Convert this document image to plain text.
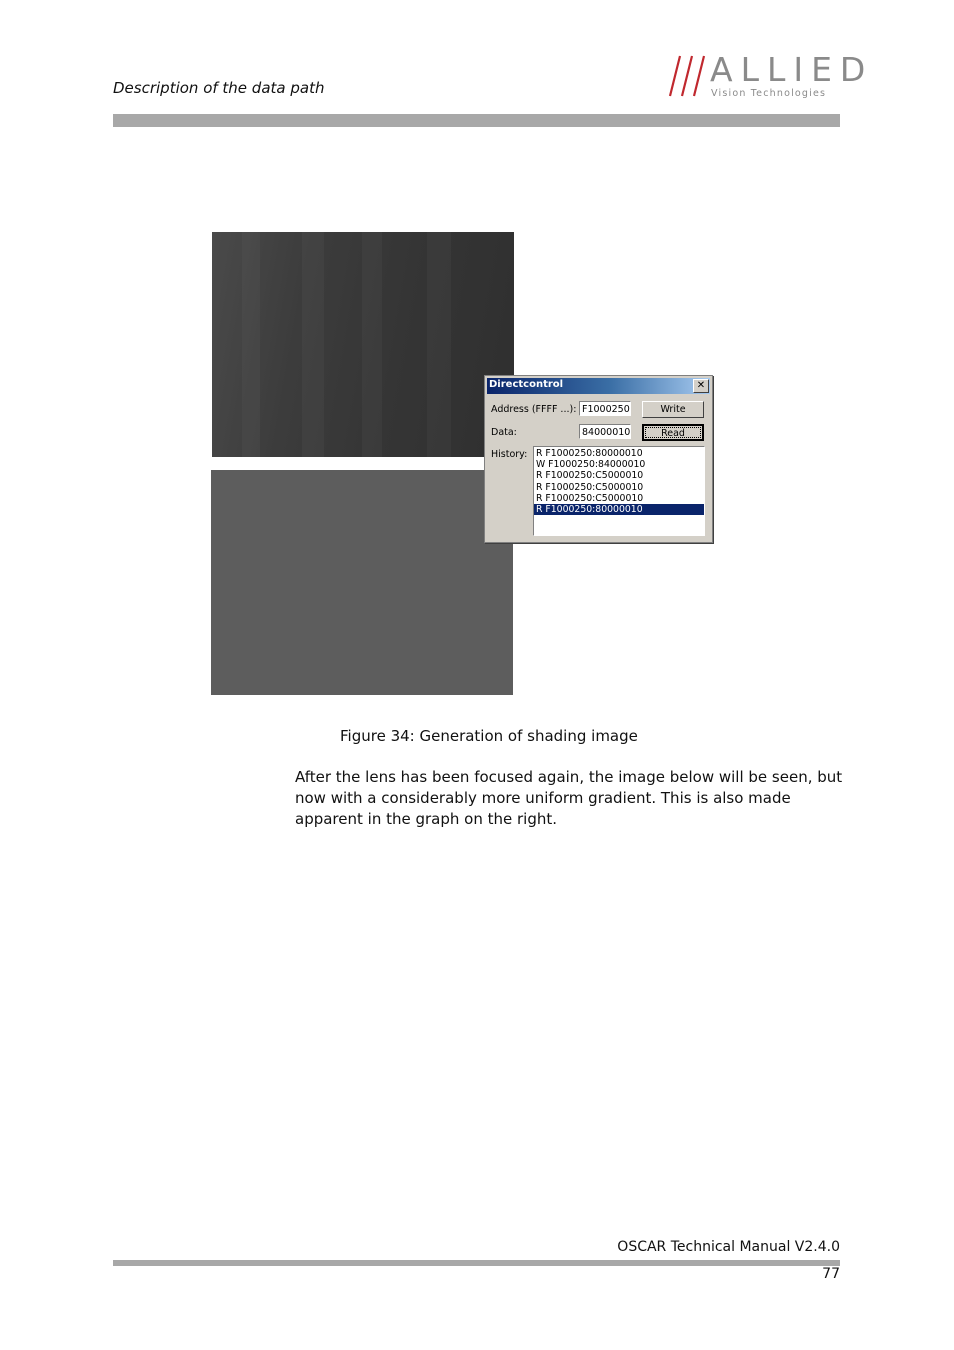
Description of the data path	ALLIED
Vision Technologies
Directcontrol	✕
Address (FFFF ...): F1000250	Write
Data:	84000010	Read
History: R F1000250:80000010
W F1000250:84000010
R F1000250:C5000010
R F1000250:C5000010
R F1000250:C5000010
R F1000250:80000010
Figure 34: Generation of shading image
After the lens has been focused again, the image below will be seen, but now with a considerably more uniform gradient. This is also made apparent in the graph on the right.
OSCAR Technical Manual V2.4.0
77
